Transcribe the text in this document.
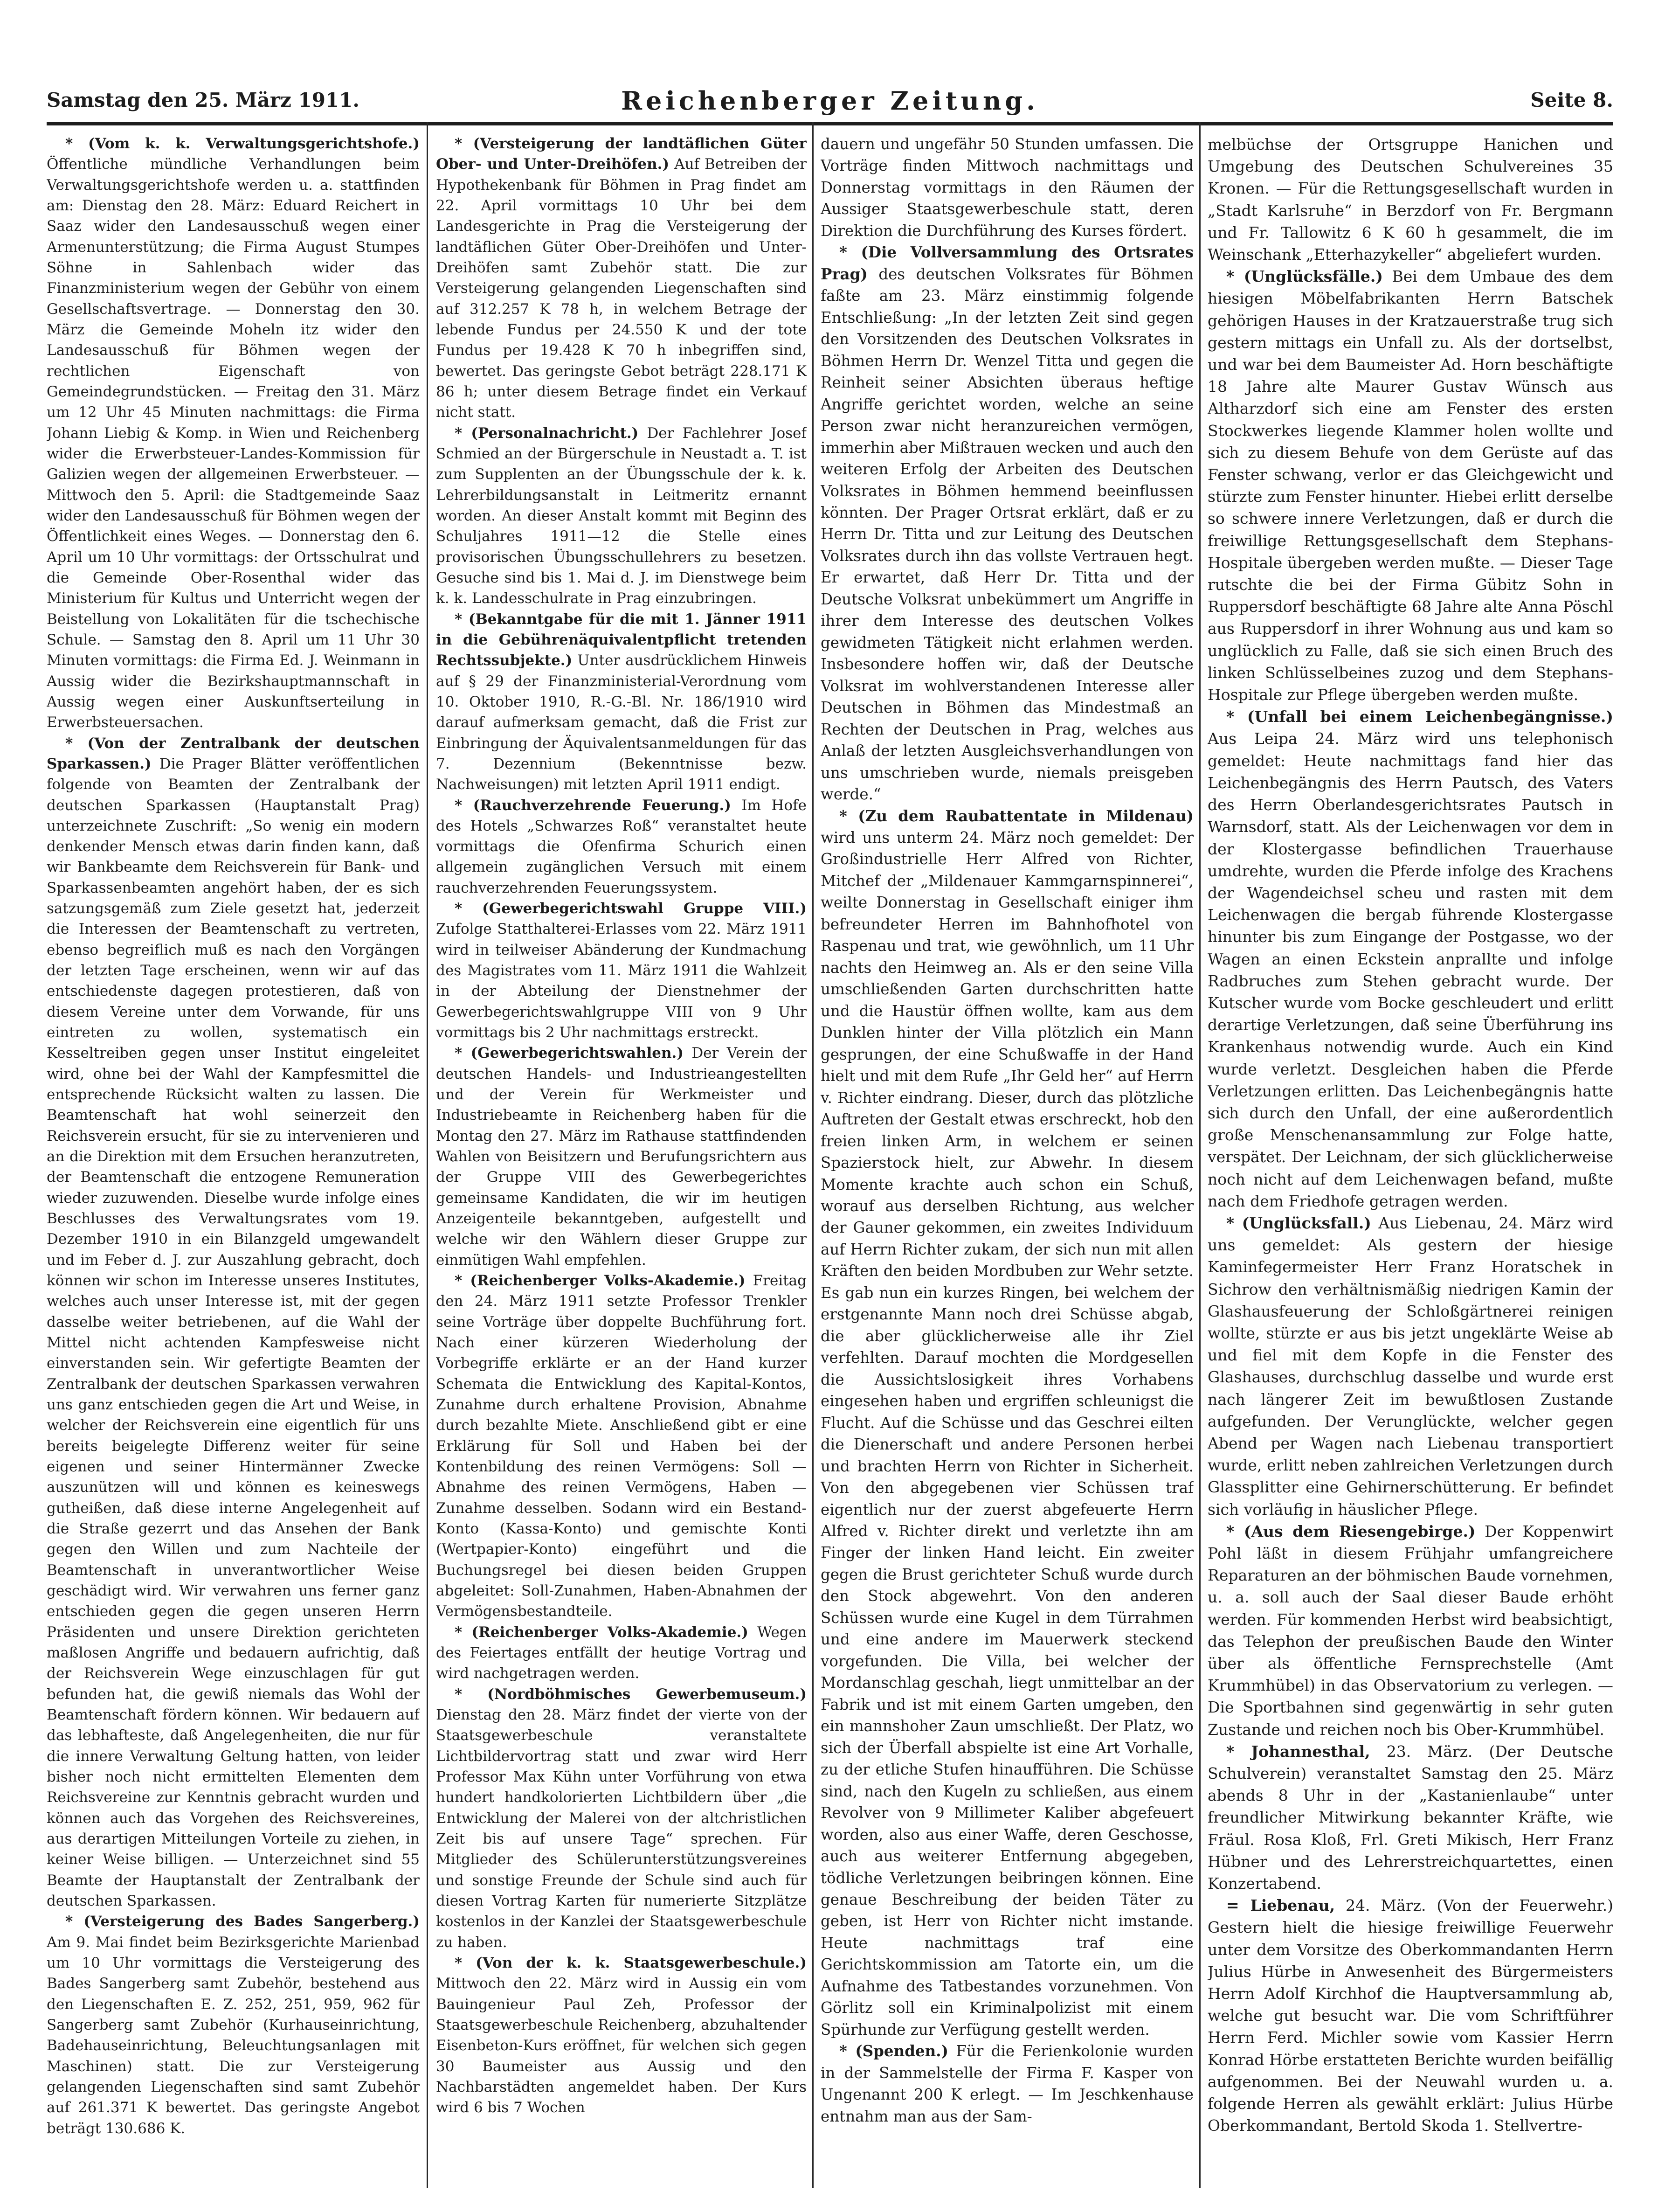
Samstag den 25. März 1911.	Reichenberger Zeitung.	Seite 8.

* (Vom k. k. Verwaltungsgerichtshofe.) Öffentliche mündliche Verhandlungen beim Verwaltungsgerichtshofe werden u. a. stattfinden am: Dienstag den 28. März: Eduard Reichert in Saaz wider den Landesausschuß wegen einer Armenunterstützung; die Firma August Stumpes Söhne in Sahlenbach wider das Finanzministerium wegen der Gebühr von einem Gesellschaftsvertrage. — Donnerstag den 30. März die Gemeinde Moheln itz wider den Landesausschuß für Böhmen wegen der rechtlichen Eigenschaft von Gemeindegrundstücken. — Freitag den 31. März um 12 Uhr 45 Minuten nachmittags: die Firma Johann Liebig & Komp. in Wien und Reichenberg wider die Erwerbsteuer-Landes-Kommission für Galizien wegen der allgemeinen Erwerbsteuer. — Mittwoch den 5. April: die Stadtgemeinde Saaz wider den Landesausschuß für Böhmen wegen der Öffentlichkeit eines Weges. — Donnerstag den 6. April um 10 Uhr vormittags: der Ortsschulrat und die Gemeinde Ober-Rosenthal wider das Ministerium für Kultus und Unterricht wegen der Beistellung von Lokalitäten für die tschechische Schule. — Samstag den 8. April um 11 Uhr 30 Minuten vormittags: die Firma Ed. J. Weinmann in Aussig wider die Bezirkshauptmannschaft in Aussig wegen einer Auskunftserteilung in Erwerbsteuersachen.

* (Von der Zentralbank der deutschen Sparkassen.) Die Prager Blätter veröffentlichen folgende von Beamten der Zentralbank der deutschen Sparkassen (Hauptanstalt Prag) unterzeichnete Zuschrift: „So wenig ein modern denkender Mensch etwas darin finden kann, daß wir Bankbeamte dem Reichsverein für Bank- und Sparkassenbeamten angehört haben, der es sich satzungsgemäß zum Ziele gesetzt hat, jederzeit die Interessen der Beamtenschaft zu vertreten, ebenso begreiflich muß es nach den Vorgängen der letzten Tage erscheinen, wenn wir auf das entschiedenste dagegen protestieren, daß von diesem Vereine unter dem Vorwande, für uns eintreten zu wollen, systematisch ein Kesseltreiben gegen unser Institut eingeleitet wird, ohne bei der Wahl der Kampfesmittel die entsprechende Rücksicht walten zu lassen. Die Beamtenschaft hat wohl seinerzeit den Reichsverein ersucht, für sie zu intervenieren und an die Direktion mit dem Ersuchen heranzutreten, der Beamtenschaft die entzogene Remuneration wieder zuzuwenden. Dieselbe wurde infolge eines Beschlusses des Verwaltungsrates vom 19. Dezember 1910 in ein Bilanzgeld umgewandelt und im Feber d. J. zur Auszahlung gebracht, doch können wir schon im Interesse unseres Institutes, welches auch unser Interesse ist, mit der gegen dasselbe weiter betriebenen, auf die Wahl der Mittel nicht achtenden Kampfesweise nicht einverstanden sein. Wir gefertigte Beamten der Zentralbank der deutschen Sparkassen verwahren uns ganz entschieden gegen die Art und Weise, in welcher der Reichsverein eine eigentlich für uns bereits beigelegte Differenz weiter für seine eigenen und seiner Hintermänner Zwecke auszunützen will und können es keineswegs gutheißen, daß diese interne Angelegenheit auf die Straße gezerrt und das Ansehen der Bank gegen den Willen und zum Nachteile der Beamtenschaft in unverantwortlicher Weise geschädigt wird. Wir verwahren uns ferner ganz entschieden gegen die gegen unseren Herrn Präsidenten und unsere Direktion gerichteten maßlosen Angriffe und bedauern aufrichtig, daß der Reichsverein Wege einzuschlagen für gut befunden hat, die gewiß niemals das Wohl der Beamtenschaft fördern können. Wir bedauern auf das lebhafteste, daß Angelegenheiten, die nur für die innere Verwaltung Geltung hatten, von leider bisher noch nicht ermittelten Elementen dem Reichsvereine zur Kenntnis gebracht wurden und können auch das Vorgehen des Reichsvereines, aus derartigen Mitteilungen Vorteile zu ziehen, in keiner Weise billigen. — Unterzeichnet sind 55 Beamte der Hauptanstalt der Zentralbank der deutschen Sparkassen.

* (Versteigerung des Bades Sangerberg.) Am 9. Mai findet beim Bezirksgerichte Marienbad um 10 Uhr vormittags die Versteigerung des Bades Sangerberg samt Zubehör, bestehend aus den Liegenschaften E. Z. 252, 251, 959, 962 für Sangerberg samt Zubehör (Kurhauseinrichtung, Badehauseinrichtung, Beleuchtungsanlagen mit Maschinen) statt. Die zur Versteigerung gelangenden Liegenschaften sind samt Zubehör auf 261.371 K bewertet. Das geringste Angebot beträgt 130.686 K.

* (Versteigerung der landtäflichen Güter Ober- und Unter-Dreihöfen.) Auf Betreiben der Hypothekenbank für Böhmen in Prag findet am 22. April vormittags 10 Uhr bei dem Landesgerichte in Prag die Versteigerung der landtäflichen Güter Ober-Dreihöfen und Unter-Dreihöfen samt Zubehör statt. Die zur Versteigerung gelangenden Liegenschaften sind auf 312.257 K 78 h, in welchem Betrage der lebende Fundus per 24.550 K und der tote Fundus per 19.428 K 70 h inbegriffen sind, bewertet. Das geringste Gebot beträgt 228.171 K 86 h; unter diesem Betrage findet ein Verkauf nicht statt.

* (Personalnachricht.) Der Fachlehrer Josef Schmied an der Bürgerschule in Neustadt a. T. ist zum Supplenten an der Übungsschule der k. k. Lehrerbildungsanstalt in Leitmeritz ernannt worden. An dieser Anstalt kommt mit Beginn des Schuljahres 1911—12 die Stelle eines provisorischen Übungsschullehrers zu besetzen. Gesuche sind bis 1. Mai d. J. im Dienstwege beim k. k. Landesschulrate in Prag einzubringen.

* (Bekanntgabe für die mit 1. Jänner 1911 in die Gebührenäquivalentpflicht tretenden Rechtssubjekte.) Unter ausdrücklichem Hinweis auf § 29 der Finanzministerial-Verordnung vom 10. Oktober 1910, R.-G.-Bl. Nr. 186/1910 wird darauf aufmerksam gemacht, daß die Frist zur Einbringung der Äquivalentsanmeldungen für das 7. Dezennium (Bekenntnisse bezw. Nachweisungen) mit letzten April 1911 endigt.

* (Rauchverzehrende Feuerung.) Im Hofe des Hotels „Schwarzes Roß“ veranstaltet heute vormittags die Ofenfirma Schurich einen allgemein zugänglichen Versuch mit einem rauchverzehrenden Feuerungssystem.

* (Gewerbegerichtswahl Gruppe VIII.) Zufolge Statthalterei-Erlasses vom 22. März 1911 wird in teilweiser Abänderung der Kundmachung des Magistrates vom 11. März 1911 die Wahlzeit in der Abteilung der Dienstnehmer der Gewerbegerichtswahlgruppe VIII von 9 Uhr vormittags bis 2 Uhr nachmittags erstreckt.

* (Gewerbegerichtswahlen.) Der Verein der deutschen Handels- und Industrieangestellten und der Verein für Werkmeister und Industriebeamte in Reichenberg haben für die Montag den 27. März im Rathause stattfindenden Wahlen von Beisitzern und Berufungsrichtern aus der Gruppe VIII des Gewerbegerichtes gemeinsame Kandidaten, die wir im heutigen Anzeigenteile bekanntgeben, aufgestellt und welche wir den Wählern dieser Gruppe zur einmütigen Wahl empfehlen.

* (Reichenberger Volks-Akademie.) Freitag den 24. März 1911 setzte Professor Trenkler seine Vorträge über doppelte Buchführung fort. Nach einer kürzeren Wiederholung der Vorbegriffe erklärte er an der Hand kurzer Schemata die Entwicklung des Kapital-Kontos, Zunahme durch erhaltene Provision, Abnahme durch bezahlte Miete. Anschließend gibt er eine Erklärung für Soll und Haben bei der Kontenbildung des reinen Vermögens: Soll — Abnahme des reinen Vermögens, Haben — Zunahme desselben. Sodann wird ein Bestand-Konto (Kassa-Konto) und gemischte Konti (Wertpapier-Konto) eingeführt und die Buchungsregel bei diesen beiden Gruppen abgeleitet: Soll-Zunahmen, Haben-Abnahmen der Vermögensbestandteile.

* (Reichenberger Volks-Akademie.) Wegen des Feiertages entfällt der heutige Vortrag und wird nachgetragen werden.

* (Nordböhmisches Gewerbemuseum.) Dienstag den 28. März findet der vierte von der Staatsgewerbeschule veranstaltete Lichtbildervortrag statt und zwar wird Herr Professor Max Kühn unter Vorführung von etwa hundert handkolorierten Lichtbildern über „die Entwicklung der Malerei von der altchristlichen Zeit bis auf unsere Tage“ sprechen. Für Mitglieder des Schülerunterstützungsvereines und sonstige Freunde der Schule sind auch für diesen Vortrag Karten für numerierte Sitzplätze kostenlos in der Kanzlei der Staatsgewerbeschule zu haben.

* (Von der k. k. Staatsgewerbeschule.) Mittwoch den 22. März wird in Aussig ein vom Bauingenieur Paul Zeh, Professor der Staatsgewerbeschule Reichenberg, abzuhaltender Eisenbeton-Kurs eröffnet, für welchen sich gegen 30 Baumeister aus Aussig und den Nachbarstädten angemeldet haben. Der Kurs wird 6 bis 7 Wochen

dauern und ungefähr 50 Stunden umfassen. Die Vorträge finden Mittwoch nachmittags und Donnerstag vormittags in den Räumen der Aussiger Staatsgewerbeschule statt, deren Direktion die Durchführung des Kurses fördert.

* (Die Vollversammlung des Ortsrates Prag) des deutschen Volksrates für Böhmen faßte am 23. März einstimmig folgende Entschließung: „In der letzten Zeit sind gegen den Vorsitzenden des Deutschen Volksrates in Böhmen Herrn Dr. Wenzel Titta und gegen die Reinheit seiner Absichten überaus heftige Angriffe gerichtet worden, welche an seine Person zwar nicht heranzureichen vermögen, immerhin aber Mißtrauen wecken und auch den weiteren Erfolg der Arbeiten des Deutschen Volksrates in Böhmen hemmend beeinflussen könnten. Der Prager Ortsrat erklärt, daß er zu Herrn Dr. Titta und zur Leitung des Deutschen Volksrates durch ihn das vollste Vertrauen hegt. Er erwartet, daß Herr Dr. Titta und der Deutsche Volksrat unbekümmert um Angriffe in ihrer dem Interesse des deutschen Volkes gewidmeten Tätigkeit nicht erlahmen werden. Insbesondere hoffen wir, daß der Deutsche Volksrat im wohlverstandenen Interesse aller Deutschen in Böhmen das Mindestmaß an Rechten der Deutschen in Prag, welches aus Anlaß der letzten Ausgleichsverhandlungen von uns umschrieben wurde, niemals preisgeben werde.“

* (Zu dem Raubattentate in Mildenau) wird uns unterm 24. März noch gemeldet: Der Großindustrielle Herr Alfred von Richter, Mitchef der „Mildenauer Kammgarnspinnerei“, weilte Donnerstag in Gesellschaft einiger ihm befreundeter Herren im Bahnhofhotel von Raspenau und trat, wie gewöhnlich, um 11 Uhr nachts den Heimweg an. Als er den seine Villa umschließenden Garten durchschritten hatte und die Haustür öffnen wollte, kam aus dem Dunklen hinter der Villa plötzlich ein Mann gesprungen, der eine Schußwaffe in der Hand hielt und mit dem Rufe „Ihr Geld her“ auf Herrn v. Richter eindrang. Dieser, durch das plötzliche Auftreten der Gestalt etwas erschreckt, hob den freien linken Arm, in welchem er seinen Spazierstock hielt, zur Abwehr. In diesem Momente krachte auch schon ein Schuß, worauf aus derselben Richtung, aus welcher der Gauner gekommen, ein zweites Individuum auf Herrn Richter zukam, der sich nun mit allen Kräften den beiden Mordbuben zur Wehr setzte. Es gab nun ein kurzes Ringen, bei welchem der erstgenannte Mann noch drei Schüsse abgab, die aber glücklicherweise alle ihr Ziel verfehlten. Darauf mochten die Mordgesellen die Aussichtslosigkeit ihres Vorhabens eingesehen haben und ergriffen schleunigst die Flucht. Auf die Schüsse und das Geschrei eilten die Dienerschaft und andere Personen herbei und brachten Herrn von Richter in Sicherheit. Von den abgegebenen vier Schüssen traf eigentlich nur der zuerst abgefeuerte Herrn Alfred v. Richter direkt und verletzte ihn am Finger der linken Hand leicht. Ein zweiter gegen die Brust gerichteter Schuß wurde durch den Stock abgewehrt. Von den anderen Schüssen wurde eine Kugel in dem Türrahmen und eine andere im Mauerwerk steckend vorgefunden. Die Villa, bei welcher der Mordanschlag geschah, liegt unmittelbar an der Fabrik und ist mit einem Garten umgeben, den ein mannshoher Zaun umschließt. Der Platz, wo sich der Überfall abspielte ist eine Art Vorhalle, zu der etliche Stufen hinaufführen. Die Schüsse sind, nach den Kugeln zu schließen, aus einem Revolver von 9 Millimeter Kaliber abgefeuert worden, also aus einer Waffe, deren Geschosse, auch aus weiterer Entfernung abgegeben, tödliche Verletzungen beibringen können. Eine genaue Beschreibung der beiden Täter zu geben, ist Herr von Richter nicht imstande. Heute nachmittags traf eine Gerichtskommission am Tatorte ein, um die Aufnahme des Tatbestandes vorzunehmen. Von Görlitz soll ein Kriminalpolizist mit einem Spürhunde zur Verfügung gestellt werden.

* (Spenden.) Für die Ferienkolonie wurden in der Sammelstelle der Firma F. Kasper von Ungenannt 200 K erlegt. — Im Jeschkenhause entnahm man aus der Sam-

melbüchse der Ortsgruppe Hanichen und Umgebung des Deutschen Schulvereines 35 Kronen. — Für die Rettungsgesellschaft wurden in „Stadt Karlsruhe“ in Berzdorf von Fr. Bergmann und Fr. Tallowitz 6 K 60 h gesammelt, die im Weinschank „Etterhazykeller“ abgeliefert wurden.

* (Unglücksfälle.) Bei dem Umbaue des dem hiesigen Möbelfabrikanten Herrn Batschek gehörigen Hauses in der Kratzauerstraße trug sich gestern mittags ein Unfall zu. Als der dortselbst, und war bei dem Baumeister Ad. Horn beschäftigte 18 Jahre alte Maurer Gustav Wünsch aus Altharzdorf sich eine am Fenster des ersten Stockwerkes liegende Klammer holen wollte und sich zu diesem Behufe von dem Gerüste auf das Fenster schwang, verlor er das Gleichgewicht und stürzte zum Fenster hinunter. Hiebei erlitt derselbe so schwere innere Verletzungen, daß er durch die freiwillige Rettungsgesellschaft dem Stephans-Hospitale übergeben werden mußte. — Dieser Tage rutschte die bei der Firma Gübitz Sohn in Ruppersdorf beschäftigte 68 Jahre alte Anna Pöschl aus Ruppersdorf in ihrer Wohnung aus und kam so unglücklich zu Falle, daß sie sich einen Bruch des linken Schlüsselbeines zuzog und dem Stephans-Hospitale zur Pflege übergeben werden mußte.

* (Unfall bei einem Leichenbegängnisse.) Aus Leipa 24. März wird uns telephonisch gemeldet: Heute nachmittags fand hier das Leichenbegängnis des Herrn Pautsch, des Vaters des Herrn Oberlandesgerichtsrates Pautsch in Warnsdorf, statt. Als der Leichenwagen vor dem in der Klostergasse befindlichen Trauerhause umdrehte, wurden die Pferde infolge des Krachens der Wagendeichsel scheu und rasten mit dem Leichenwagen die bergab führende Klostergasse hinunter bis zum Eingange der Postgasse, wo der Wagen an einen Eckstein anprallte und infolge Radbruches zum Stehen gebracht wurde. Der Kutscher wurde vom Bocke geschleudert und erlitt derartige Verletzungen, daß seine Überführung ins Krankenhaus notwendig wurde. Auch ein Kind wurde verletzt. Desgleichen haben die Pferde Verletzungen erlitten. Das Leichenbegängnis hatte sich durch den Unfall, der eine außerordentlich große Menschenansammlung zur Folge hatte, verspätet. Der Leichnam, der sich glücklicherweise noch nicht auf dem Leichenwagen befand, mußte nach dem Friedhofe getragen werden.

* (Unglücksfall.) Aus Liebenau, 24. März wird uns gemeldet: Als gestern der hiesige Kaminfegermeister Herr Franz Horatschek in Sichrow den verhältnismäßig niedrigen Kamin der Glashausfeuerung der Schloßgärtnerei reinigen wollte, stürzte er aus bis jetzt ungeklärte Weise ab und fiel mit dem Kopfe in die Fenster des Glashauses, durchschlug dasselbe und wurde erst nach längerer Zeit im bewußtlosen Zustande aufgefunden. Der Verunglückte, welcher gegen Abend per Wagen nach Liebenau transportiert wurde, erlitt neben zahlreichen Verletzungen durch Glassplitter eine Gehirnerschütterung. Er befindet sich vorläufig in häuslicher Pflege.

* (Aus dem Riesengebirge.) Der Koppenwirt Pohl läßt in diesem Frühjahr umfangreichere Reparaturen an der böhmischen Baude vornehmen, u. a. soll auch der Saal dieser Baude erhöht werden. Für kommenden Herbst wird beabsichtigt, das Telephon der preußischen Baude den Winter über als öffentliche Fernsprechstelle (Amt Krummhübel) in das Observatorium zu verlegen. — Die Sportbahnen sind gegenwärtig in sehr guten Zustande und reichen noch bis Ober-Krummhübel.

* Johannesthal, 23. März. (Der Deutsche Schulverein) veranstaltet Samstag den 25. März abends 8 Uhr in der „Kastanienlaube“ unter freundlicher Mitwirkung bekannter Kräfte, wie Fräul. Rosa Kloß, Frl. Greti Mikisch, Herr Franz Hübner und des Lehrerstreichquartettes, einen Konzertabend.

= Liebenau, 24. März. (Von der Feuerwehr.) Gestern hielt die hiesige freiwillige Feuerwehr unter dem Vorsitze des Oberkommandanten Herrn Julius Hürbe in Anwesenheit des Bürgermeisters Herrn Adolf Kirchhof die Hauptversammlung ab, welche gut besucht war. Die vom Schriftführer Herrn Ferd. Michler sowie vom Kassier Herrn Konrad Hörbe erstatteten Berichte wurden beifällig aufgenommen. Bei der Neuwahl wurden u. a. folgende Herren als gewählt erklärt: Julius Hürbe Oberkommandant, Bertold Skoda 1. Stellvertre-
